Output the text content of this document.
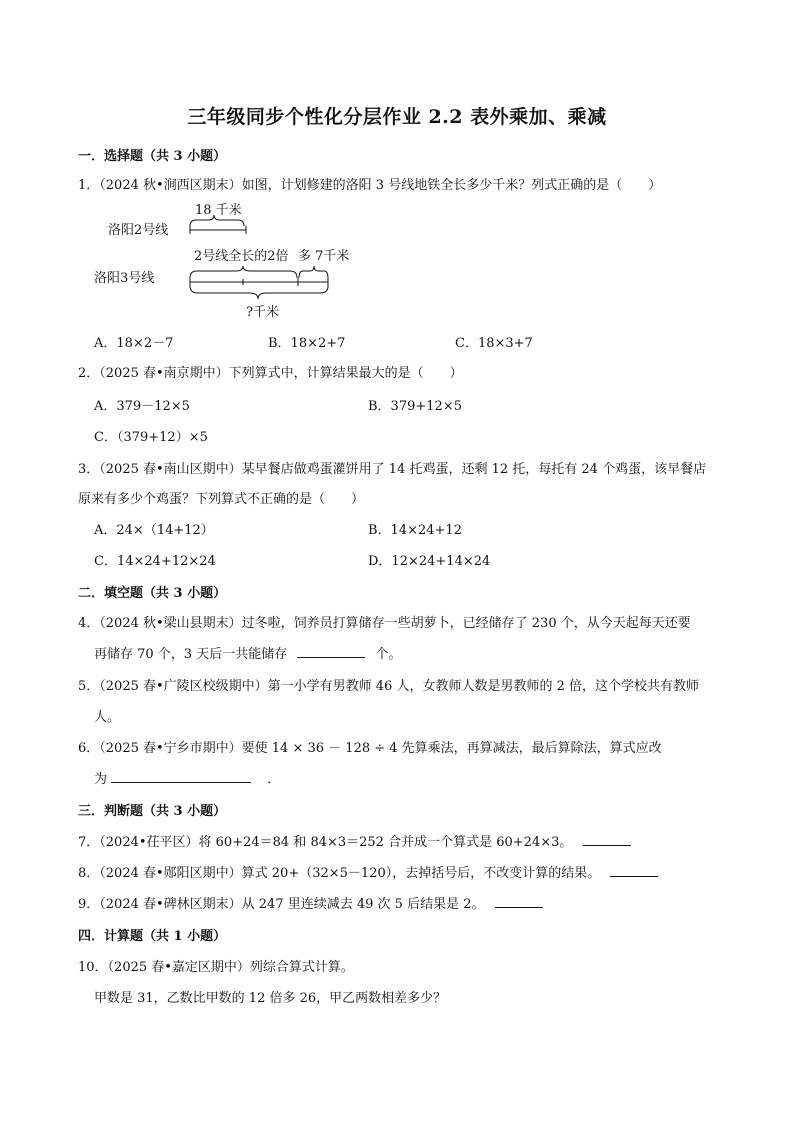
三年级同步个性化分层作业 2.2 表外乘加、乘减
一．选择题（共 3 小题）
1．（2024 秋•涧西区期末）如图，计划修建的洛阳 3 号线地铁全长多少千米？列式正确的是（　　）
洛阳2号线
18 千米
洛阳3号线
2号线全长的2倍 多 7千米
?千米
A．18×2－7	B．18×2+7	C．18×3+7
2．（2025 春•南京期中）下列算式中，计算结果最大的是（　　）
A．379－12×5	B．379+12×5
C．（379+12）×5
3．（2025 春•南山区期中）某早餐店做鸡蛋灌饼用了 14 托鸡蛋，还剩 12 托，每托有 24 个鸡蛋，该早餐店
原来有多少个鸡蛋？下列算式不正确的是（　　）
A．24×（14+12）	B．14×24+12
C．14×24+12×24	D．12×24+14×24
二．填空题（共 3 小题）
4．（2024 秋•梁山县期末）过冬啦，饲养员打算储存一些胡萝卜，已经储存了 230 个，从今天起每天还要
再储存 70 个，3 天后一共能储存	个。
5．（2025 春•广陵区校级期中）第一小学有男教师 46 人，女教师人数是男教师的 2 倍，这个学校共有教师
人。
6．（2025 春•宁乡市期中）要使 14 × 36 － 128 ÷ 4 先算乘法，再算减法，最后算除法，算式应改
为	．
三．判断题（共 3 小题）
7．（2024•茌平区）将 60+24＝84 和 84×3＝252 合并成一个算式是 60+24×3。
8．（2024 春•郧阳区期中）算式 20+（32×5－120），去掉括号后，不改变计算的结果。
9．（2024 春•碑林区期末）从 247 里连续减去 49 次 5 后结果是 2。
四．计算题（共 1 小题）
10．（2025 春•嘉定区期中）列综合算式计算。
甲数是 31，乙数比甲数的 12 倍多 26，甲乙两数相差多少？
